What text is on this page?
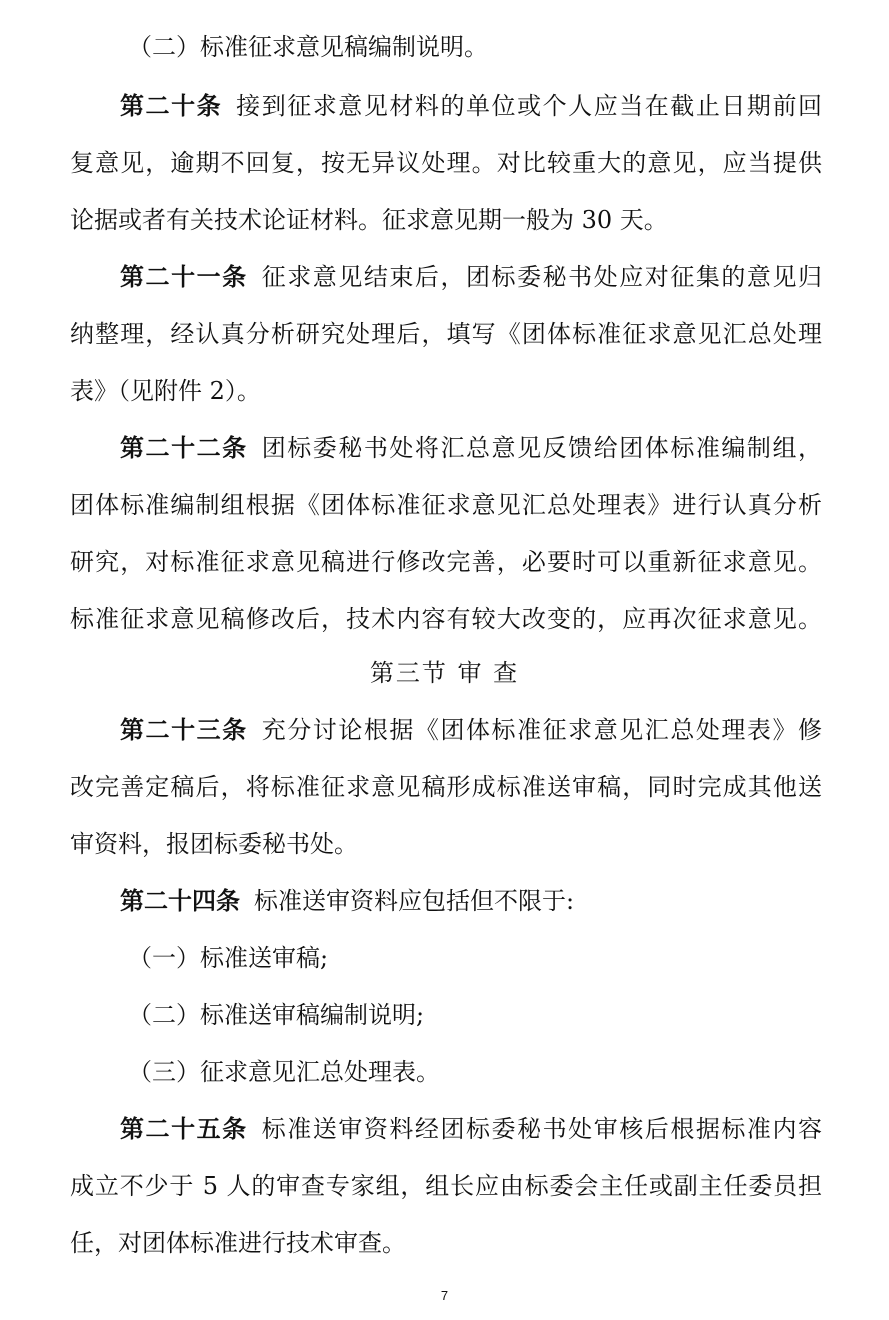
（二）标准征求意见稿编制说明。
第二十条 接到征求意见材料的单位或个人应当在截止日期前回
复意见，逾期不回复，按无异议处理。对比较重大的意见，应当提供
论据或者有关技术论证材料。征求意见期一般为 30 天。
第二十一条 征求意见结束后，团标委秘书处应对征集的意见归
纳整理，经认真分析研究处理后，填写《团体标准征求意见汇总处理
表》（见附件 2）。
第二十二条 团标委秘书处将汇总意见反馈给团体标准编制组，
团体标准编制组根据《团体标准征求意见汇总处理表》进行认真分析
研究，对标准征求意见稿进行修改完善，必要时可以重新征求意见。
标准征求意见稿修改后，技术内容有较大改变的，应再次征求意见。
第三节 审 查
第二十三条 充分讨论根据《团体标准征求意见汇总处理表》修
改完善定稿后，将标准征求意见稿形成标准送审稿，同时完成其他送
审资料，报团标委秘书处。
第二十四条 标准送审资料应包括但不限于:
（一）标准送审稿;
（二）标准送审稿编制说明;
（三）征求意见汇总处理表。
第二十五条 标准送审资料经团标委秘书处审核后根据标准内容
成立不少于 5 人的审查专家组，组长应由标委会主任或副主任委员担
任，对团体标准进行技术审查。
7
